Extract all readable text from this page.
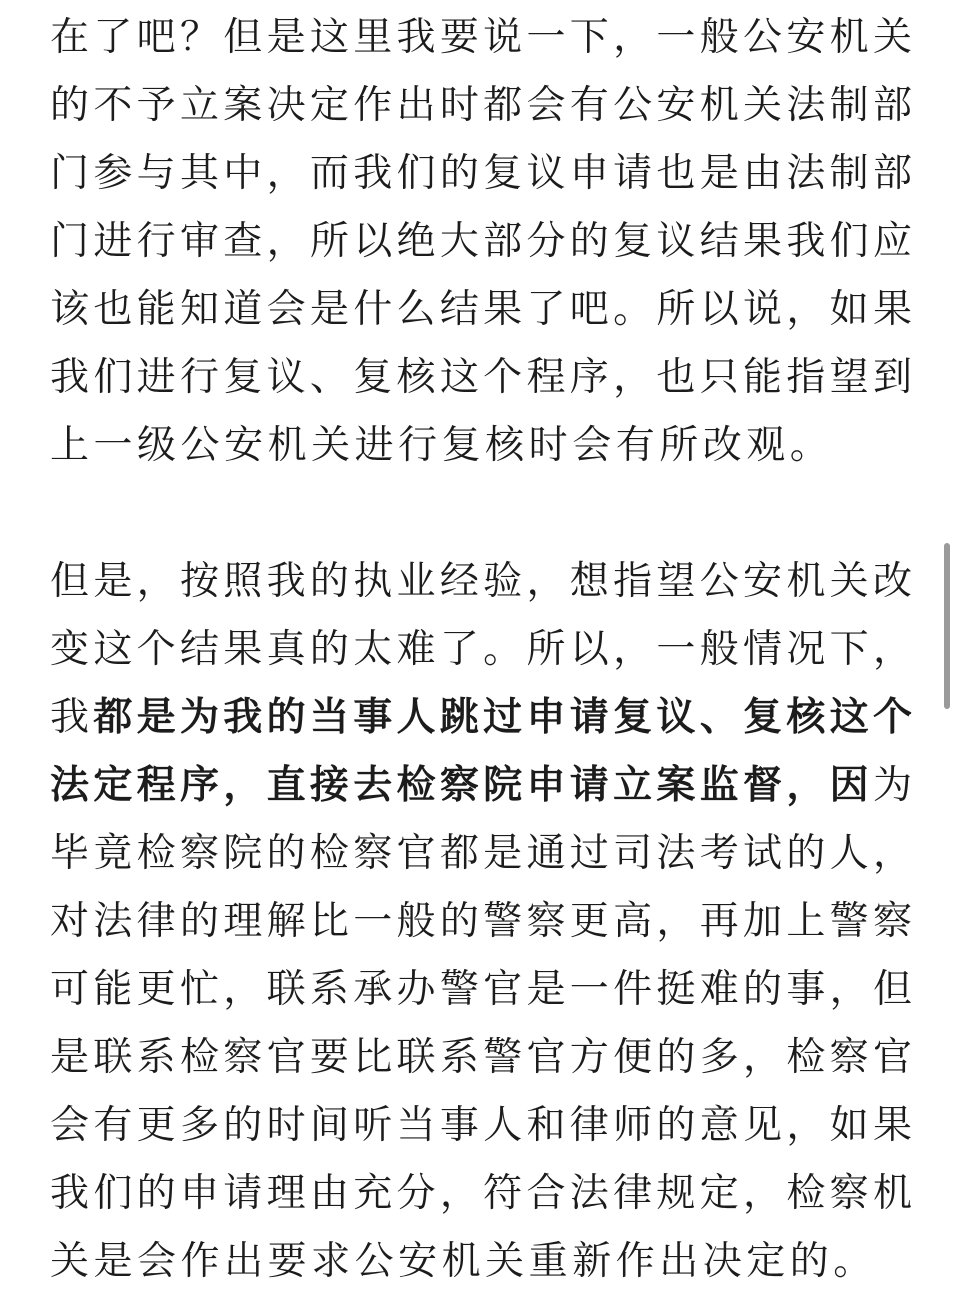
在 了 吧 ？ 但 是 这 里 我 要 说 一 下 ， 一 般 公 安 机 关
的 不 予 立 案 决 定 作 出 时 都 会 有 公 安 机 关 法 制 部
门 参 与 其 中 ， 而 我 们 的 复 议 申 请 也 是 由 法 制 部
门 进 行 审 查 ， 所 以 绝 大 部 分 的 复 议 结 果 我 们 应
该 也 能 知 道 会 是 什 么 结 果 了 吧 。 所 以 说 ， 如 果
我 们 进 行 复 议 、 复 核 这 个 程 序 ， 也 只 能 指 望 到
上 一 级 公 安 机 关 进 行 复 核 时 会 有 所 改 观 。
但 是 ， 按 照 我 的 执 业 经 验 ， 想 指 望 公 安 机 关 改
变 这 个 结 果 真 的 太 难 了 。 所 以 ， 一 般 情 况 下 ，
我 都 是 为 我 的 当 事 人 跳 过 申 请 复 议 、 复 核 这 个
法 定 程 序 ， 直 接 去 检 察 院 申 请 立 案 监 督 ， 因 为
毕 竟 检 察 院 的 检 察 官 都 是 通 过 司 法 考 试 的 人 ，
对 法 律 的 理 解 比 一 般 的 警 察 更 高 ， 再 加 上 警 察
可 能 更 忙 ， 联 系 承 办 警 官 是 一 件 挺 难 的 事 ， 但
是 联 系 检 察 官 要 比 联 系 警 官 方 便 的 多 ， 检 察 官
会 有 更 多 的 时 间 听 当 事 人 和 律 师 的 意 见 ， 如 果
我 们 的 申 请 理 由 充 分 ， 符 合 法 律 规 定 ， 检 察 机
关 是 会 作 出 要 求 公 安 机 关 重 新 作 出 决 定 的 。
